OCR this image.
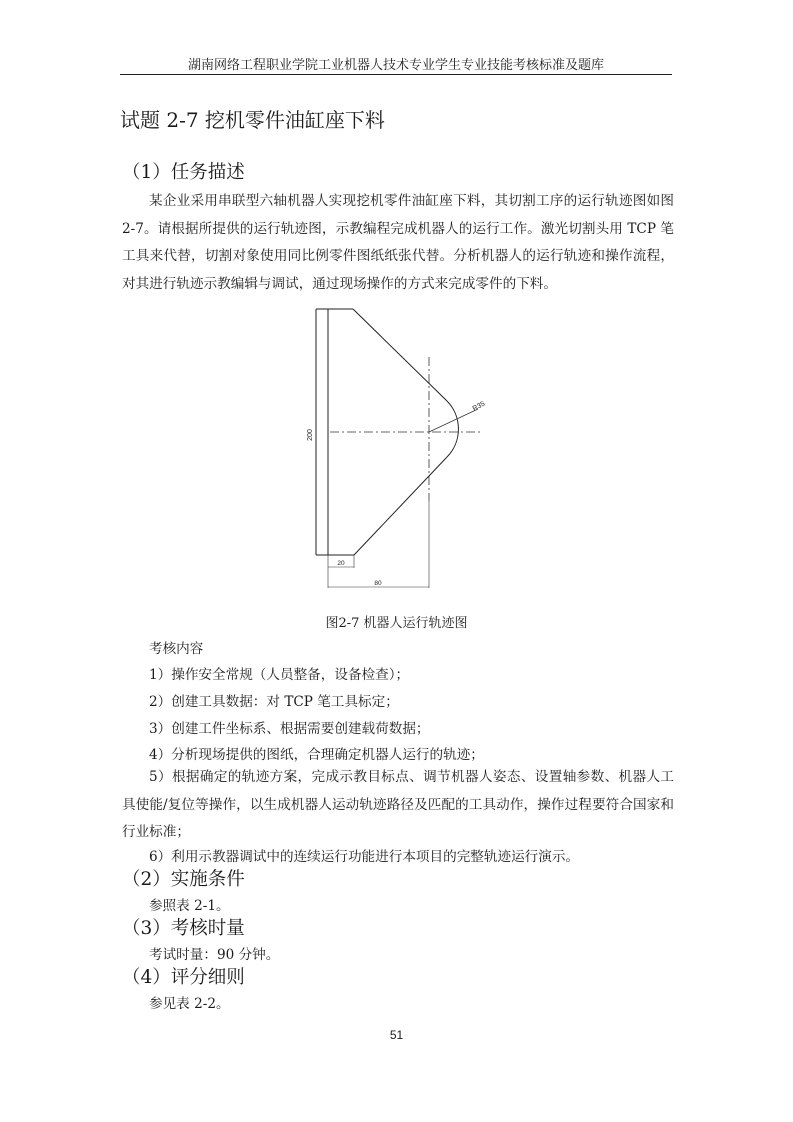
湖南网络工程职业学院工业机器人技术专业学生专业技能考核标准及题库
试题 2-7 挖机零件油缸座下料
（1）任务描述

某企业采用串联型六轴机器人实现挖机零件油缸座下料，其切割工序的运行轨迹图如图 2-7。请根据所提供的运行轨迹图，示教编程完成机器人的运行工作。激光切割头用 TCP 笔工具来代替，切割对象使用同比例零件图纸纸张代替。分析机器人的运行轨迹和操作流程，对其进行轨迹示教编辑与调试，通过现场操作的方式来完成零件的下料。

R35
200
20
80
图2-7 机器人运行轨迹图

考核内容

1）操作安全常规（人员整备，设备检查）；

2）创建工具数据：对 TCP 笔工具标定；

3）创建工件坐标系、根据需要创建载荷数据；

4）分析现场提供的图纸，合理确定机器人运行的轨迹；

5）根据确定的轨迹方案，完成示教目标点、调节机器人姿态、设置轴参数、机器人工具使能/复位等操作，以生成机器人运动轨迹路径及匹配的工具动作，操作过程要符合国家和行业标准；

6）利用示教器调试中的连续运行功能进行本项目的完整轨迹运行演示。

（2）实施条件

参照表 2-1。

（3）考核时量

考试时量：90 分钟。

（4）评分细则

参见表 2-2。

51
